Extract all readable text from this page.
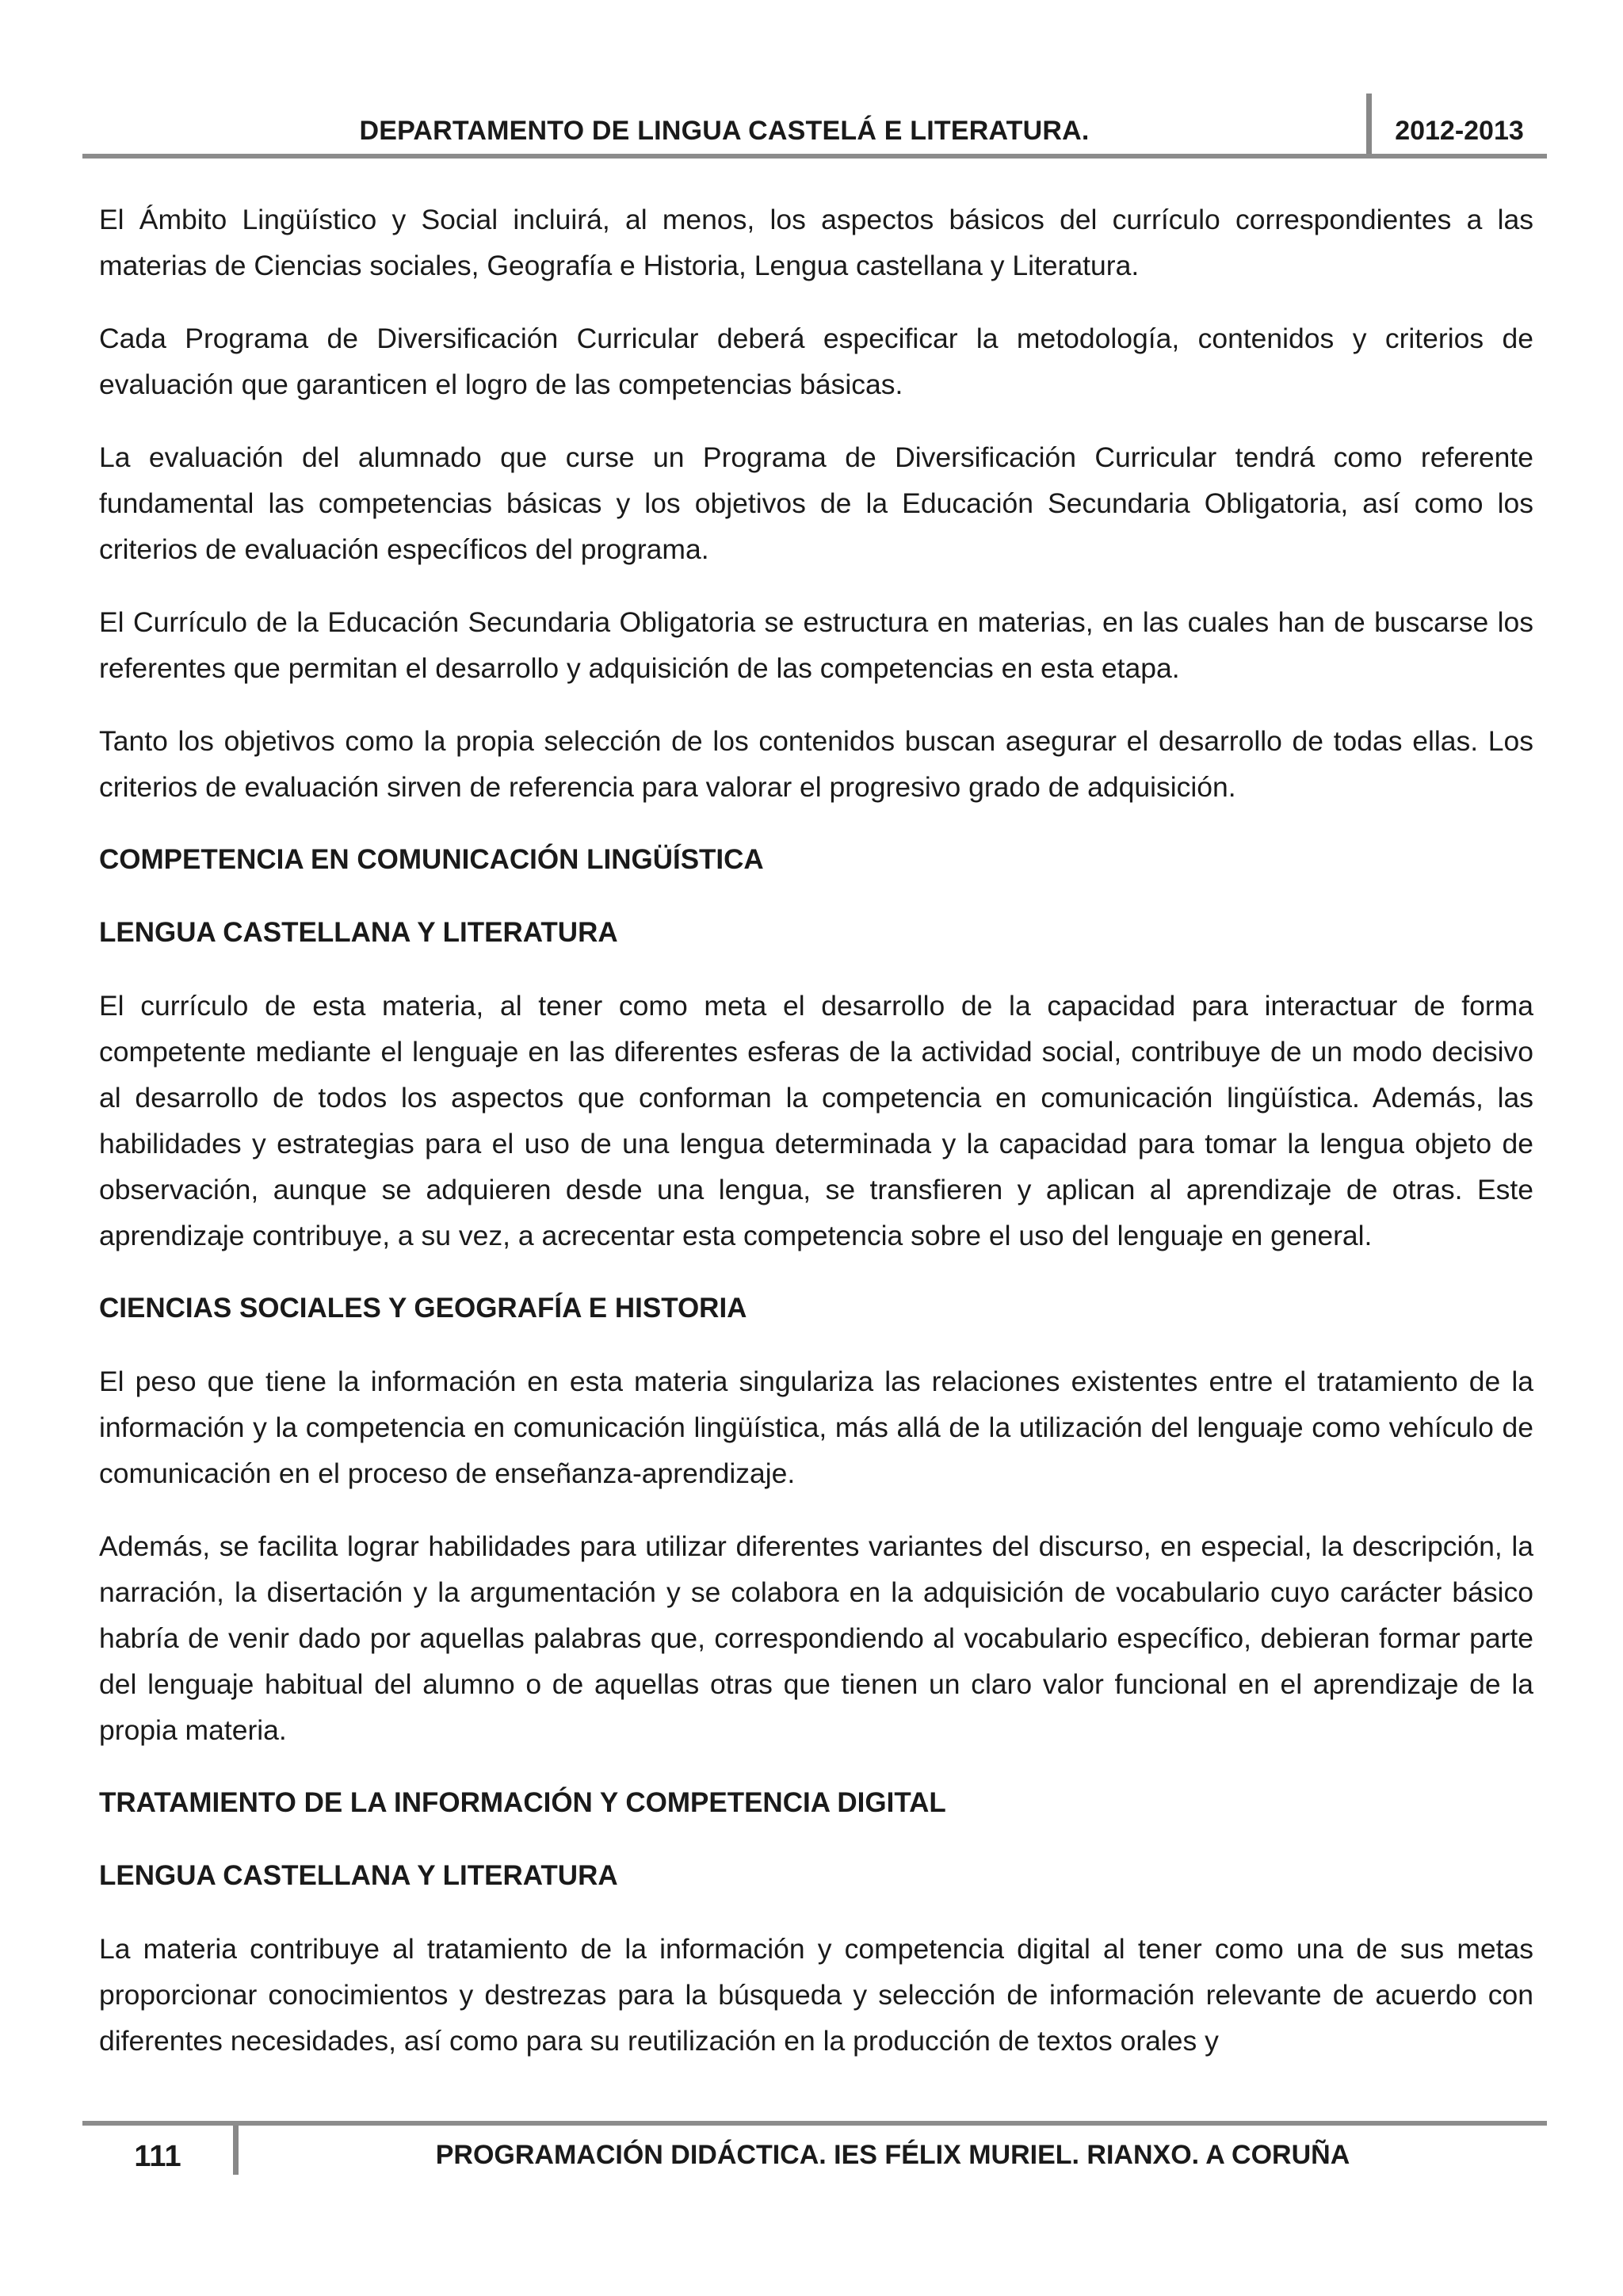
DEPARTAMENTO DE LINGUA CASTELÁ E LITERATURA.	2012-2013

El Ámbito Lingüístico y Social incluirá, al menos, los aspectos básicos del currículo correspondientes a las materias de Ciencias sociales, Geografía e Historia, Lengua castellana y Literatura.

Cada Programa de Diversificación Curricular deberá especificar la metodología, contenidos y criterios de evaluación que garanticen el logro de las competencias básicas.

La evaluación del alumnado que curse un Programa de Diversificación Curricular tendrá como referente fundamental las competencias básicas y los objetivos de la Educación Secundaria Obligatoria, así como los criterios de evaluación específicos del programa.

El Currículo de la Educación Secundaria Obligatoria se estructura en materias, en las cuales han de buscarse los referentes que permitan el desarrollo y adquisición de las competencias en esta etapa.

Tanto los objetivos como la propia selección de los contenidos buscan asegurar el desarrollo de todas ellas. Los criterios de evaluación sirven de referencia para valorar el progresivo grado de adquisición.

COMPETENCIA EN COMUNICACIÓN LINGÜÍSTICA
LENGUA CASTELLANA Y LITERATURA

El currículo de esta materia, al tener como meta el desarrollo de la capacidad para interactuar de forma competente mediante el lenguaje en las diferentes esferas de la actividad social, contribuye de un modo decisivo al desarrollo de todos los aspectos que conforman la competencia en comunicación lingüística. Además, las habilidades y estrategias para el uso de una lengua determinada y la capacidad para tomar la lengua objeto de observación, aunque se adquieren desde una lengua, se transfieren y aplican al aprendizaje de otras. Este aprendizaje contribuye, a su vez, a acrecentar esta competencia sobre el uso del lenguaje en general.

CIENCIAS SOCIALES Y GEOGRAFÍA E HISTORIA

El peso que tiene la información en esta materia singulariza las relaciones existentes entre el tratamiento de la información y la competencia en comunicación lingüística, más allá de la utilización del lenguaje como vehículo de comunicación en el proceso de enseñanza-aprendizaje.

Además, se facilita lograr habilidades para utilizar diferentes variantes del discurso, en especial, la descripción, la narración, la disertación y la argumentación y se colabora en la adquisición de vocabulario cuyo carácter básico habría de venir dado por aquellas palabras que, correspondiendo al vocabulario específico, debieran formar parte del lenguaje habitual del alumno o de aquellas otras que tienen un claro valor funcional en el aprendizaje de la propia materia.

TRATAMIENTO DE LA INFORMACIÓN Y COMPETENCIA DIGITAL
LENGUA CASTELLANA Y LITERATURA

La materia contribuye al tratamiento de la información y competencia digital al tener como una de sus metas proporcionar conocimientos y destrezas para la búsqueda y selección de información relevante de acuerdo con diferentes necesidades, así como para su reutilización en la producción de textos orales y

111	PROGRAMACIÓN DIDÁCTICA. IES FÉLIX MURIEL. RIANXO. A CORUÑA
